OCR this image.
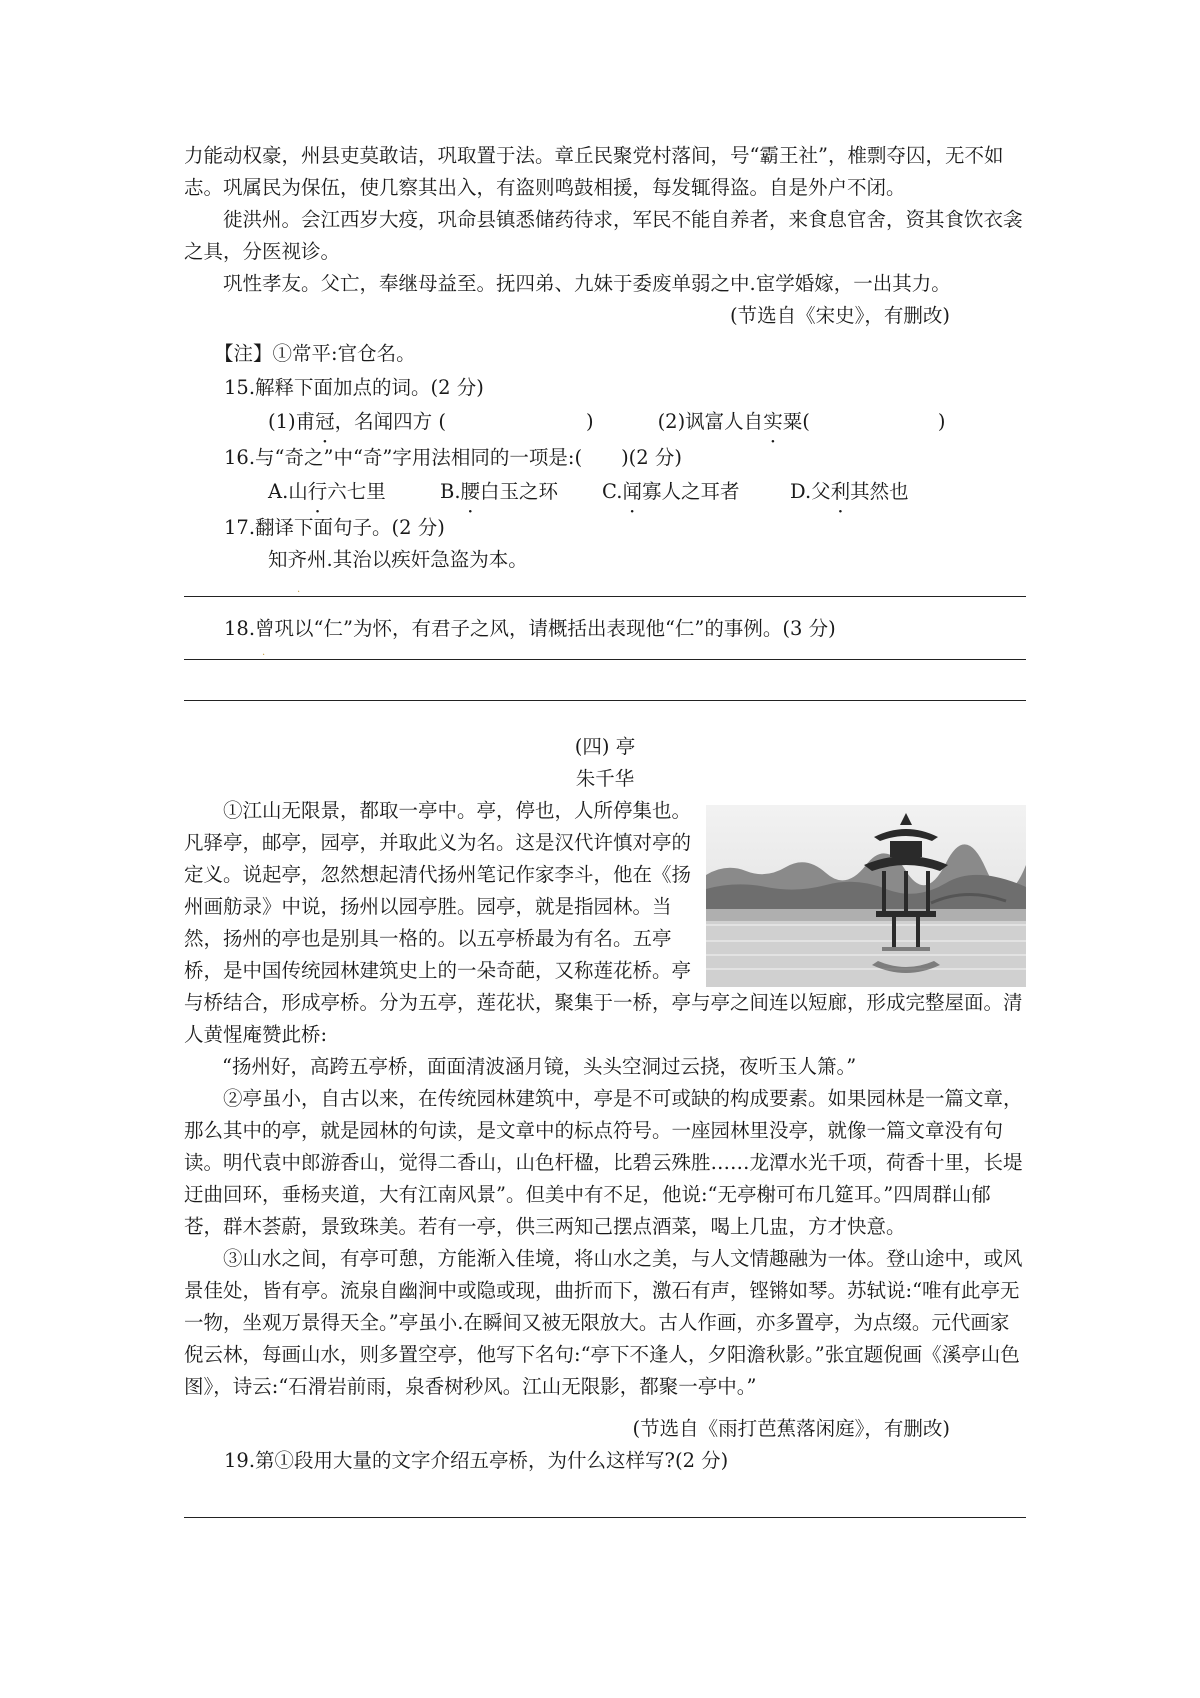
力能动权豪，州县吏莫敢诘，巩取置于法。章丘民聚党村落间，号“霸王社”，椎剽夺囚，无不如志。巩属民为保伍，使几察其出入，有盗则鸣鼓相援，每发辄得盗。自是外户不闭。

徙洪州。会江西岁大疫，巩命县镇悉储药待求，军民不能自养者，来食息官舍，资其食饮衣衾之具，分医视诊。

巩性孝友。父亡，奉继母益至。抚四弟、九妹于委废单弱之中.宦学婚嫁，一出其力。

(节选自《宋史》，有删改)

【注】①常平:官仓名。

15.解释下面加点的词。(2 分)

(1)甫冠，名闻四方 (	)	(2)讽富人自实粟(	)

16.与“奇之”中“奇”字用法相同的一项是:(　　)(2 分)

A.山行六七里	B.腰白玉之环	C.闻寡人之耳者	D.父利其然也

17.翻译下面句子。(2 分)

知齐州.其治以疾奸急盗为本。

.

18.曾巩以“仁”为怀，有君子之风，请概括出表现他“仁”的事例。(3 分)

.

(四) 亭

朱千华

①江山无限景，都取一亭中。亭，停也，人所停集也。凡驿亭，邮亭，园亭，并取此义为名。这是汉代许慎对亭的定义。说起亭，忽然想起清代扬州笔记作家李斗，他在《扬州画舫录》中说，扬州以园亭胜。园亭，就是指园林。当然，扬州的亭也是别具一格的。以五亭桥最为有名。五亭桥，是中国传统园林建筑史上的一朵奇葩，又称莲花桥。亭与桥结合，形成亭桥。分为五亭，莲花状，聚集于一桥，亭与亭之间连以短廊，形成完整屋面。清人黄惺庵赞此桥:

“扬州好，高跨五亭桥，面面清波涵月镜，头头空洞过云挠，夜听玉人箫。”

②亭虽小，自古以来，在传统园林建筑中，亭是不可或缺的构成要素。如果园林是一篇文章，那么其中的亭，就是园林的句读，是文章中的标点符号。一座园林里没亭，就像一篇文章没有句读。明代袁中郎游香山，觉得二香山，山色杆楹，比碧云殊胜……龙潭水光千项，荷香十里，长堤迂曲回环，垂杨夹道，大有江南风景”。但美中有不足，他说:“无亭榭可布几筵耳。”四周群山郁苍，群木荟蔚，景致珠美。若有一亭，供三两知己摆点酒菜，喝上几盅，方才快意。

③山水之间，有亭可憩，方能渐入佳境，将山水之美，与人文情趣融为一体。登山途中，或风景佳处，皆有亭。流泉自幽涧中或隐或现，曲折而下，激石有声，铿锵如琴。苏轼说:“唯有此亭无一物，坐观万景得天全。”亭虽小.在瞬间又被无限放大。古人作画，亦多置亭，为点缀。元代画家倪云林，每画山水，则多置空亭，他写下名句:“亭下不逢人，夕阳澹秋影。”张宜题倪画《溪亭山色图》，诗云:“石滑岩前雨，泉香树秒风。江山无限影，都聚一亭中。”

(节选自《雨打芭蕉落闲庭》，有删改)

19.第①段用大量的文字介绍五亭桥，为什么这样写?(2 分)
